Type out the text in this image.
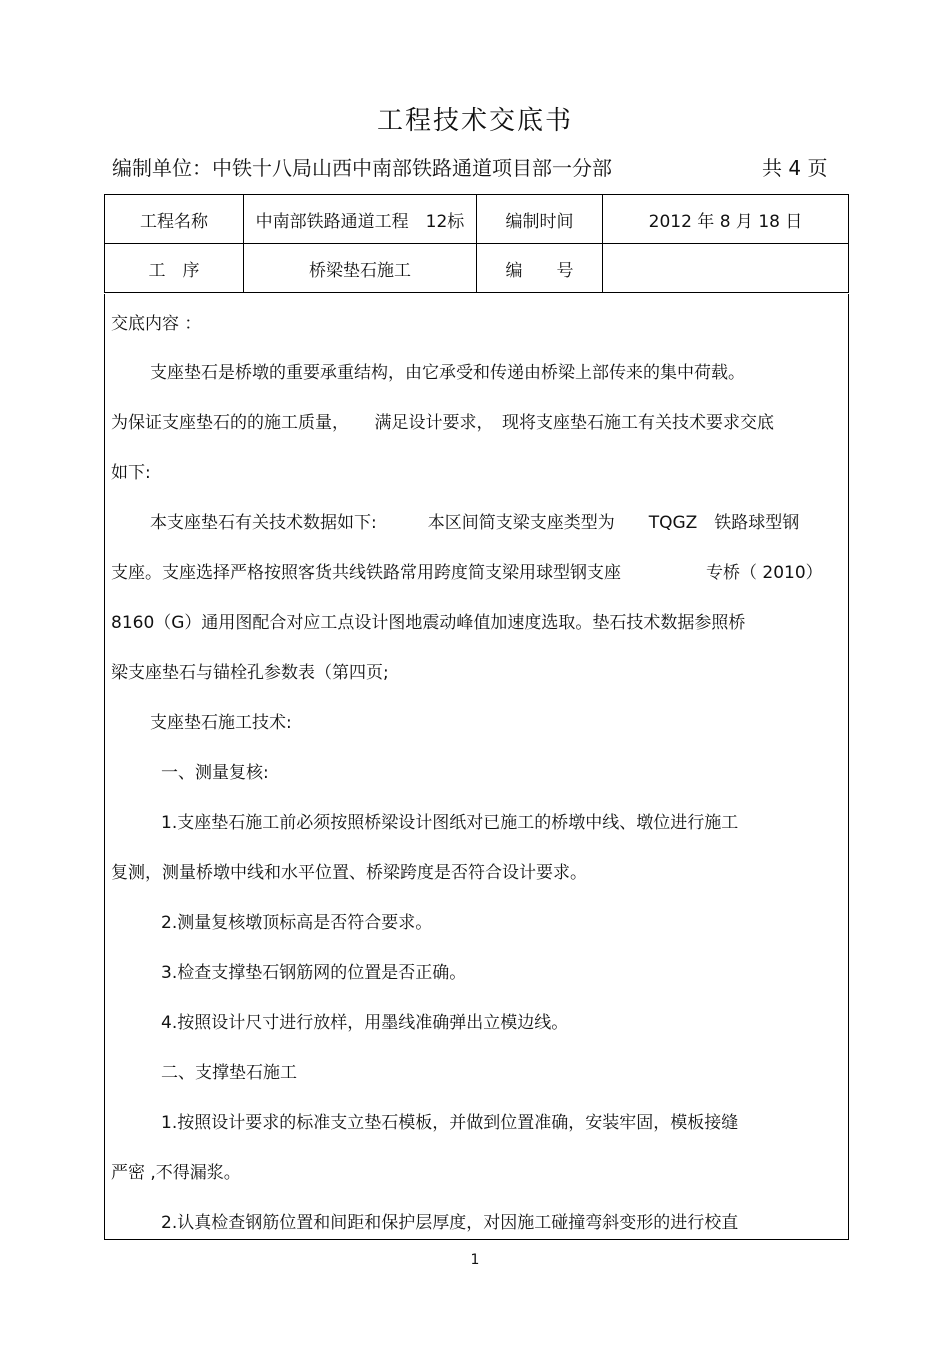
工程技术交底书
编制单位：中铁十八局山西中南部铁路通道项目部一分部	共 4 页
工程名称	中南部铁路通道工程　12标	编制时间	2012 年 8 月 18 日
工　序	桥梁垫石施工	编　　号	
交底内容 ：
支座垫石是桥墩的重要承重结构，由它承受和传递由桥梁上部传来的集中荷载。
为保证支座垫石的的施工质量，　　满足设计要求，　现将支座垫石施工有关技术要求交底
如下:
本支座垫石有关技术数据如下:　　　本区间简支梁支座类型为　　TQGZ　铁路球型钢
支座。支座选择严格按照客货共线铁路常用跨度简支梁用球型钢支座　　　　　专桥（ 2010）
8160（G）通用图配合对应工点设计图地震动峰值加速度选取。垫石技术数据参照桥
梁支座垫石与锚栓孔参数表（第四页;
支座垫石施工技术:
一、测量复核:
1.支座垫石施工前必须按照桥梁设计图纸对已施工的桥墩中线、墩位进行施工
复测，测量桥墩中线和水平位置、桥梁跨度是否符合设计要求。
2.测量复核墩顶标高是否符合要求。
3.检查支撑垫石钢筋网的位置是否正确。
4.按照设计尺寸进行放样，用墨线准确弹出立模边线。
二、支撑垫石施工
1.按照设计要求的标准支立垫石模板，并做到位置准确，安装牢固，模板接缝
严密 ,不得漏浆。
2.认真检查钢筋位置和间距和保护层厚度，对因施工碰撞弯斜变形的进行校直
1
